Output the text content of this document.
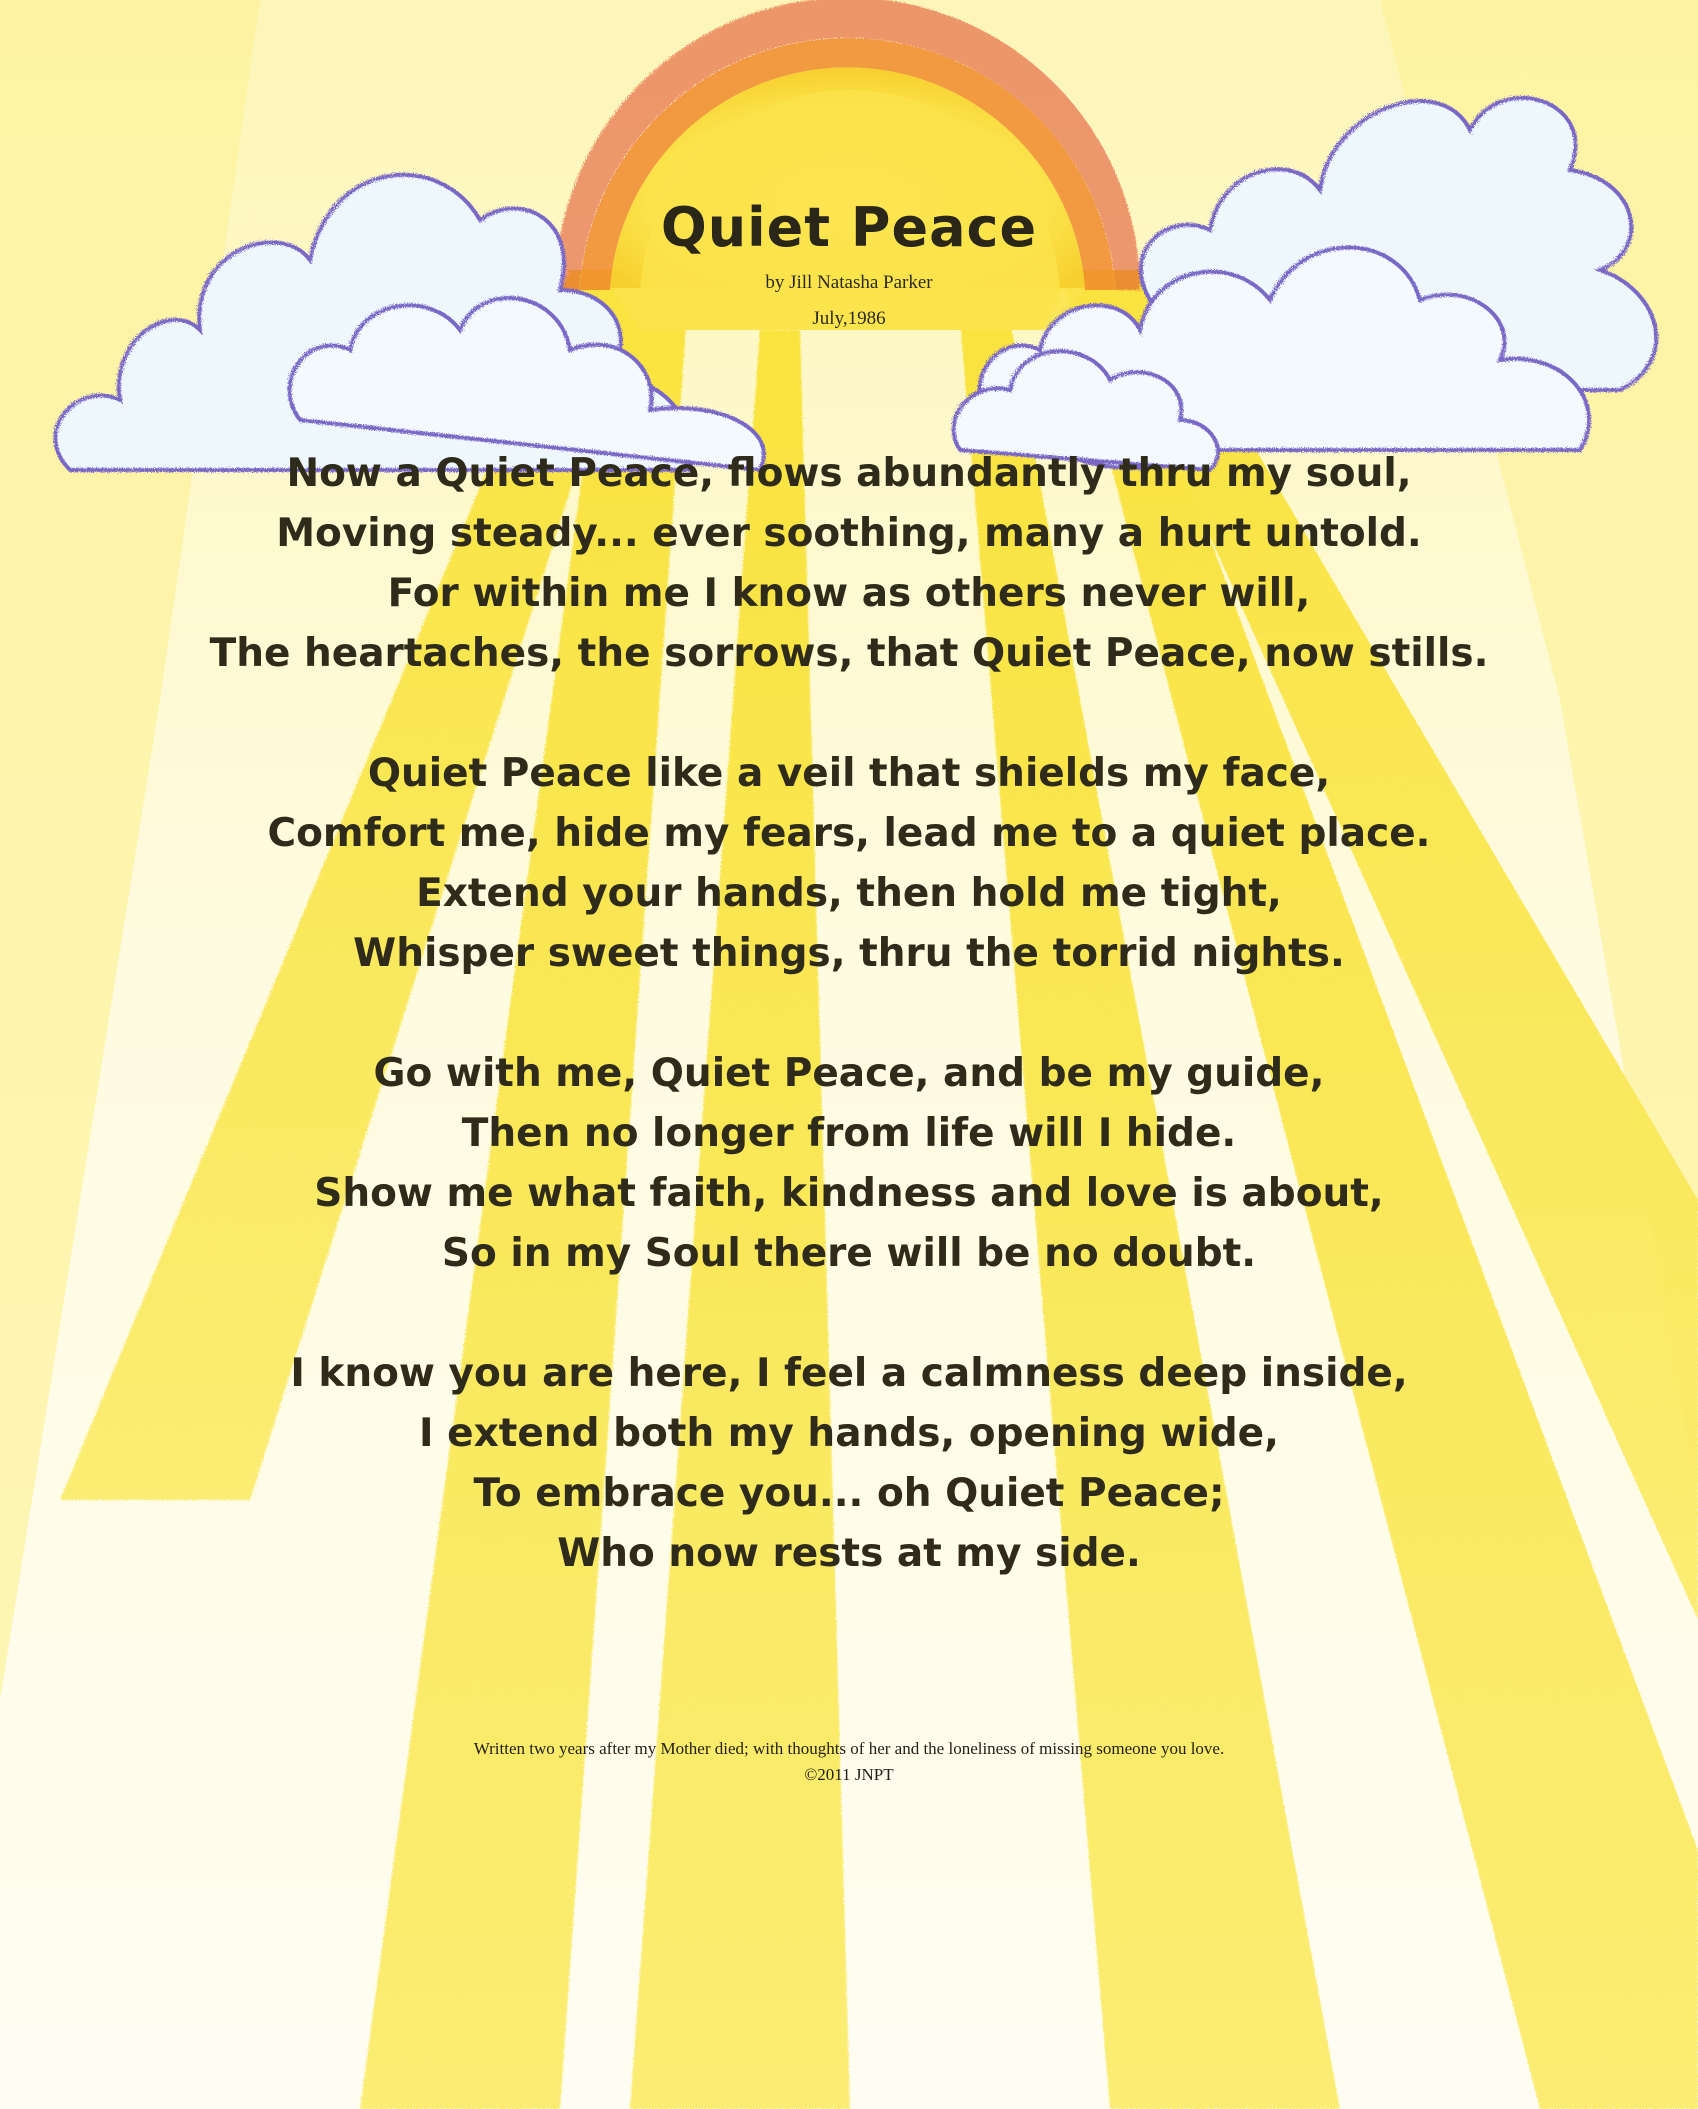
Quiet Peace
by Jill Natasha Parker
July,1986
Now a Quiet Peace, flows abundantly thru my soul,
Moving steady... ever soothing, many a hurt untold.
For within me I know as others never will,
The heartaches, the sorrows, that Quiet Peace, now stills.
Quiet Peace like a veil that shields my face,
Comfort me, hide my fears, lead me to a quiet place.
Extend your hands, then hold me tight,
Whisper sweet things, thru the torrid nights.
Go with me, Quiet Peace, and be my guide,
Then no longer from life will I hide.
Show me what faith, kindness and love is about,
So in my Soul there will be no doubt.
I know you are here, I feel a calmness deep inside,
I extend both my hands, opening wide,
To embrace you... oh Quiet Peace;
Who now rests at my side.
Written two years after my Mother died; with thoughts of her and the loneliness of missing someone you love.
©2011 JNPT
